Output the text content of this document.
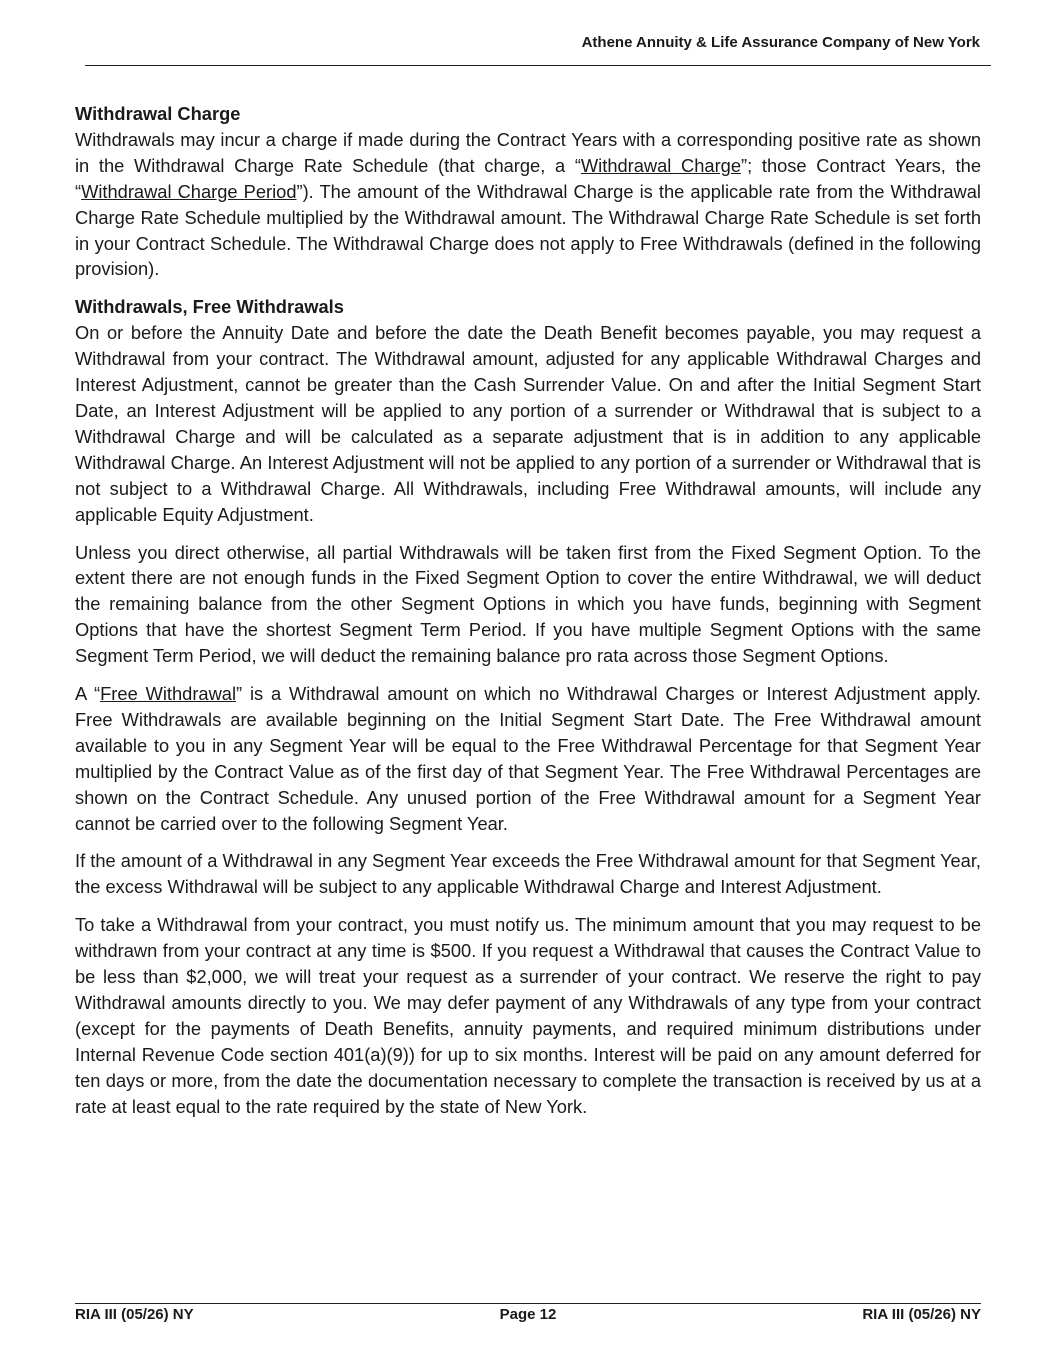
Athene Annuity & Life Assurance Company of New York
Withdrawal Charge

Withdrawals may incur a charge if made during the Contract Years with a corresponding positive rate as shown in the Withdrawal Charge Rate Schedule (that charge, a “Withdrawal Charge”; those Contract Years, the “Withdrawal Charge Period”). The amount of the Withdrawal Charge is the applicable rate from the Withdrawal Charge Rate Schedule multiplied by the Withdrawal amount. The Withdrawal Charge Rate Schedule is set forth in your Contract Schedule. The Withdrawal Charge does not apply to Free Withdrawals (defined in the following provision).

Withdrawals, Free Withdrawals

On or before the Annuity Date and before the date the Death Benefit becomes payable, you may request a Withdrawal from your contract. The Withdrawal amount, adjusted for any applicable Withdrawal Charges and Interest Adjustment, cannot be greater than the Cash Surrender Value. On and after the Initial Segment Start Date, an Interest Adjustment will be applied to any portion of a surrender or Withdrawal that is subject to a Withdrawal Charge and will be calculated as a separate adjustment that is in addition to any applicable Withdrawal Charge. An Interest Adjustment will not be applied to any portion of a surrender or Withdrawal that is not subject to a Withdrawal Charge. All Withdrawals, including Free Withdrawal amounts, will include any applicable Equity Adjustment.

Unless you direct otherwise, all partial Withdrawals will be taken first from the Fixed Segment Option. To the extent there are not enough funds in the Fixed Segment Option to cover the entire Withdrawal, we will deduct the remaining balance from the other Segment Options in which you have funds, beginning with Segment Options that have the shortest Segment Term Period. If you have multiple Segment Options with the same Segment Term Period, we will deduct the remaining balance pro rata across those Segment Options.

A “Free Withdrawal” is a Withdrawal amount on which no Withdrawal Charges or Interest Adjustment apply. Free Withdrawals are available beginning on the Initial Segment Start Date. The Free Withdrawal amount available to you in any Segment Year will be equal to the Free Withdrawal Percentage for that Segment Year multiplied by the Contract Value as of the first day of that Segment Year. The Free Withdrawal Percentages are shown on the Contract Schedule. Any unused portion of the Free Withdrawal amount for a Segment Year cannot be carried over to the following Segment Year.

If the amount of a Withdrawal in any Segment Year exceeds the Free Withdrawal amount for that Segment Year, the excess Withdrawal will be subject to any applicable Withdrawal Charge and Interest Adjustment.

To take a Withdrawal from your contract, you must notify us. The minimum amount that you may request to be withdrawn from your contract at any time is $500. If you request a Withdrawal that causes the Contract Value to be less than $2,000, we will treat your request as a surrender of your contract. We reserve the right to pay Withdrawal amounts directly to you. We may defer payment of any Withdrawals of any type from your contract (except for the payments of Death Benefits, annuity payments, and required minimum distributions under Internal Revenue Code section 401(a)(9)) for up to six months. Interest will be paid on any amount deferred for ten days or more, from the date the documentation necessary to complete the transaction is received by us at a rate at least equal to the rate required by the state of New York.

RIA III (05/26) NY	Page 12	RIA III (05/26) NY
